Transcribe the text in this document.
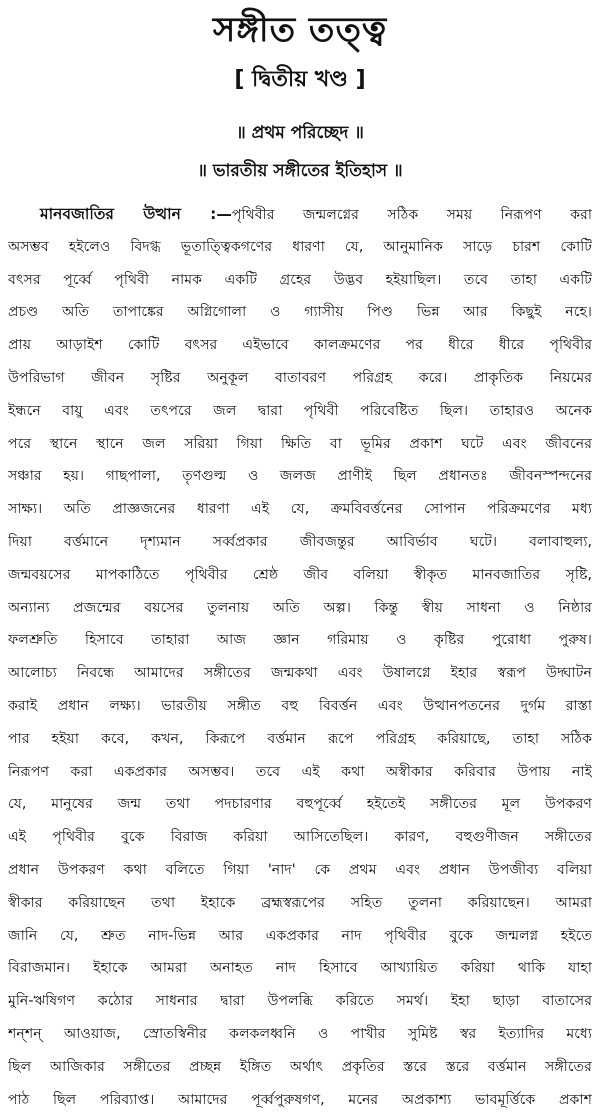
সঙ্গীত তত্ত্ব
[ দ্বিতীয় খণ্ড ]
॥ প্রথম পরিচ্ছেদ ॥
॥ ভারতীয় সঙ্গীতের ইতিহাস ॥
মানবজাতির উত্থান :—পৃথিবীর জন্মলগ্নের সঠিক সময় নিরূপণ করা
অসম্ভব হইলেও বিদগ্ধ ভূতাত্ত্বিকগণের ধারণা যে, আনুমানিক সাড়ে চারশ কোটি
বৎসর পূর্ব্বে পৃথিবী নামক একটি গ্রহের উদ্ভব হইয়াছিল। তবে তাহা একটি
প্রচণ্ড অতি তাপাঙ্কের অগ্নিগোলা ও গ্যাসীয় পিণ্ড ভিন্ন আর কিছুই নহে।
প্রায় আড়াইশ কোটি বৎসর এইভাবে কালক্রমণের পর ধীরে ধীরে পৃথিবীর
উপরিভাগ জীবন সৃষ্টির অনুকূল বাতাবরণ পরিগ্রহ করে। প্রাকৃতিক নিয়মের
ইন্ধনে বায়ু এবং তৎপরে জল দ্বারা পৃথিবী পরিবেষ্টিত ছিল। তাহারও অনেক
পরে স্থানে স্থানে জল সরিয়া গিয়া ক্ষিতি বা ভূমির প্রকাশ ঘটে এবং জীবনের
সঞ্চার হয়। গাছপালা, তৃণগুল্ম ও জলজ প্রাণীই ছিল প্রধানতঃ জীবনস্পন্দনের
সাক্ষ্য। অতি প্রাজ্ঞজনের ধারণা এই যে, ক্রমবিবর্ত্তনের সোপান পরিক্রমণের মধ্য
দিয়া বর্ত্তমানে দৃশ্যমান সর্ব্বপ্রকার জীবজন্তুর আবির্ভাব ঘটে। বলাবাহুল্য,
জন্মবয়সের মাপকাঠিতে পৃথিবীর শ্রেষ্ঠ জীব বলিয়া স্বীকৃত মানবজাতির সৃষ্টি,
অন্যান্য প্রজন্মের বয়সের তুলনায় অতি অল্প। কিন্তু স্বীয় সাধনা ও নিষ্ঠার
ফলশ্রুতি হিসাবে তাহারা আজ জ্ঞান গরিমায় ও কৃষ্টির পুরোধা পুরুষ।
আলোচ্য নিবন্ধে আমাদের সঙ্গীতের জন্মকথা এবং উষালগ্নে ইহার স্বরূপ উদ্ঘাটন
করাই প্রধান লক্ষ্য। ভারতীয় সঙ্গীত বহু বিবর্ত্তন এবং উত্থানপতনের দুর্গম রাস্তা
পার হইয়া কবে, কখন, কিরূপে বর্ত্তমান রূপে পরিগ্রহ করিয়াছে, তাহা সঠিক
নিরূপণ করা একপ্রকার অসম্ভব। তবে এই কথা অস্বীকার করিবার উপায় নাই
যে, মানুষের জন্ম তথা পদচারণার বহুপূর্ব্বে হইতেই সঙ্গীতের মূল উপকরণ
এই পৃথিবীর বুকে বিরাজ করিয়া আসিতেছিল। কারণ, বহুগুণীজন সঙ্গীতের
প্রধান উপকরণ কথা বলিতে গিয়া 'নাদ' কে প্রথম এবং প্রধান উপজীব্য বলিয়া
স্বীকার করিয়াছেন তথা ইহাকে ব্রহ্মস্বরূপের সহিত তুলনা করিয়াছেন। আমরা
জানি যে, শ্রুত নাদ-ভিন্ন আর একপ্রকার নাদ পৃথিবীর বুকে জন্মলগ্ন হইতে
বিরাজমান। ইহাকে আমরা অনাহত নাদ হিসাবে আখ্যায়িত করিয়া থাকি যাহা
মুনি-ঋষিগণ কঠোর সাধনার দ্বারা উপলব্ধি করিতে সমর্থ। ইহা ছাড়া বাতাসের
শন্‌শন্ আওয়াজ, স্রোতস্বিনীর কলকলধ্বনি ও পাখীর সুমিষ্ট স্বর ইত্যাদির মধ্যে
ছিল আজিকার সঙ্গীতের প্রচ্ছন্ন ইঙ্গিত অর্থাৎ প্রকৃতির স্তরে স্তরে বর্ত্তমান সঙ্গীতের
পাঠ ছিল পরিব্যাপ্ত। আমাদের পূর্ব্বপুরুষগণ, মনের অপ্রকাশ্য ভাবমূর্ত্তিকে প্রকাশ
